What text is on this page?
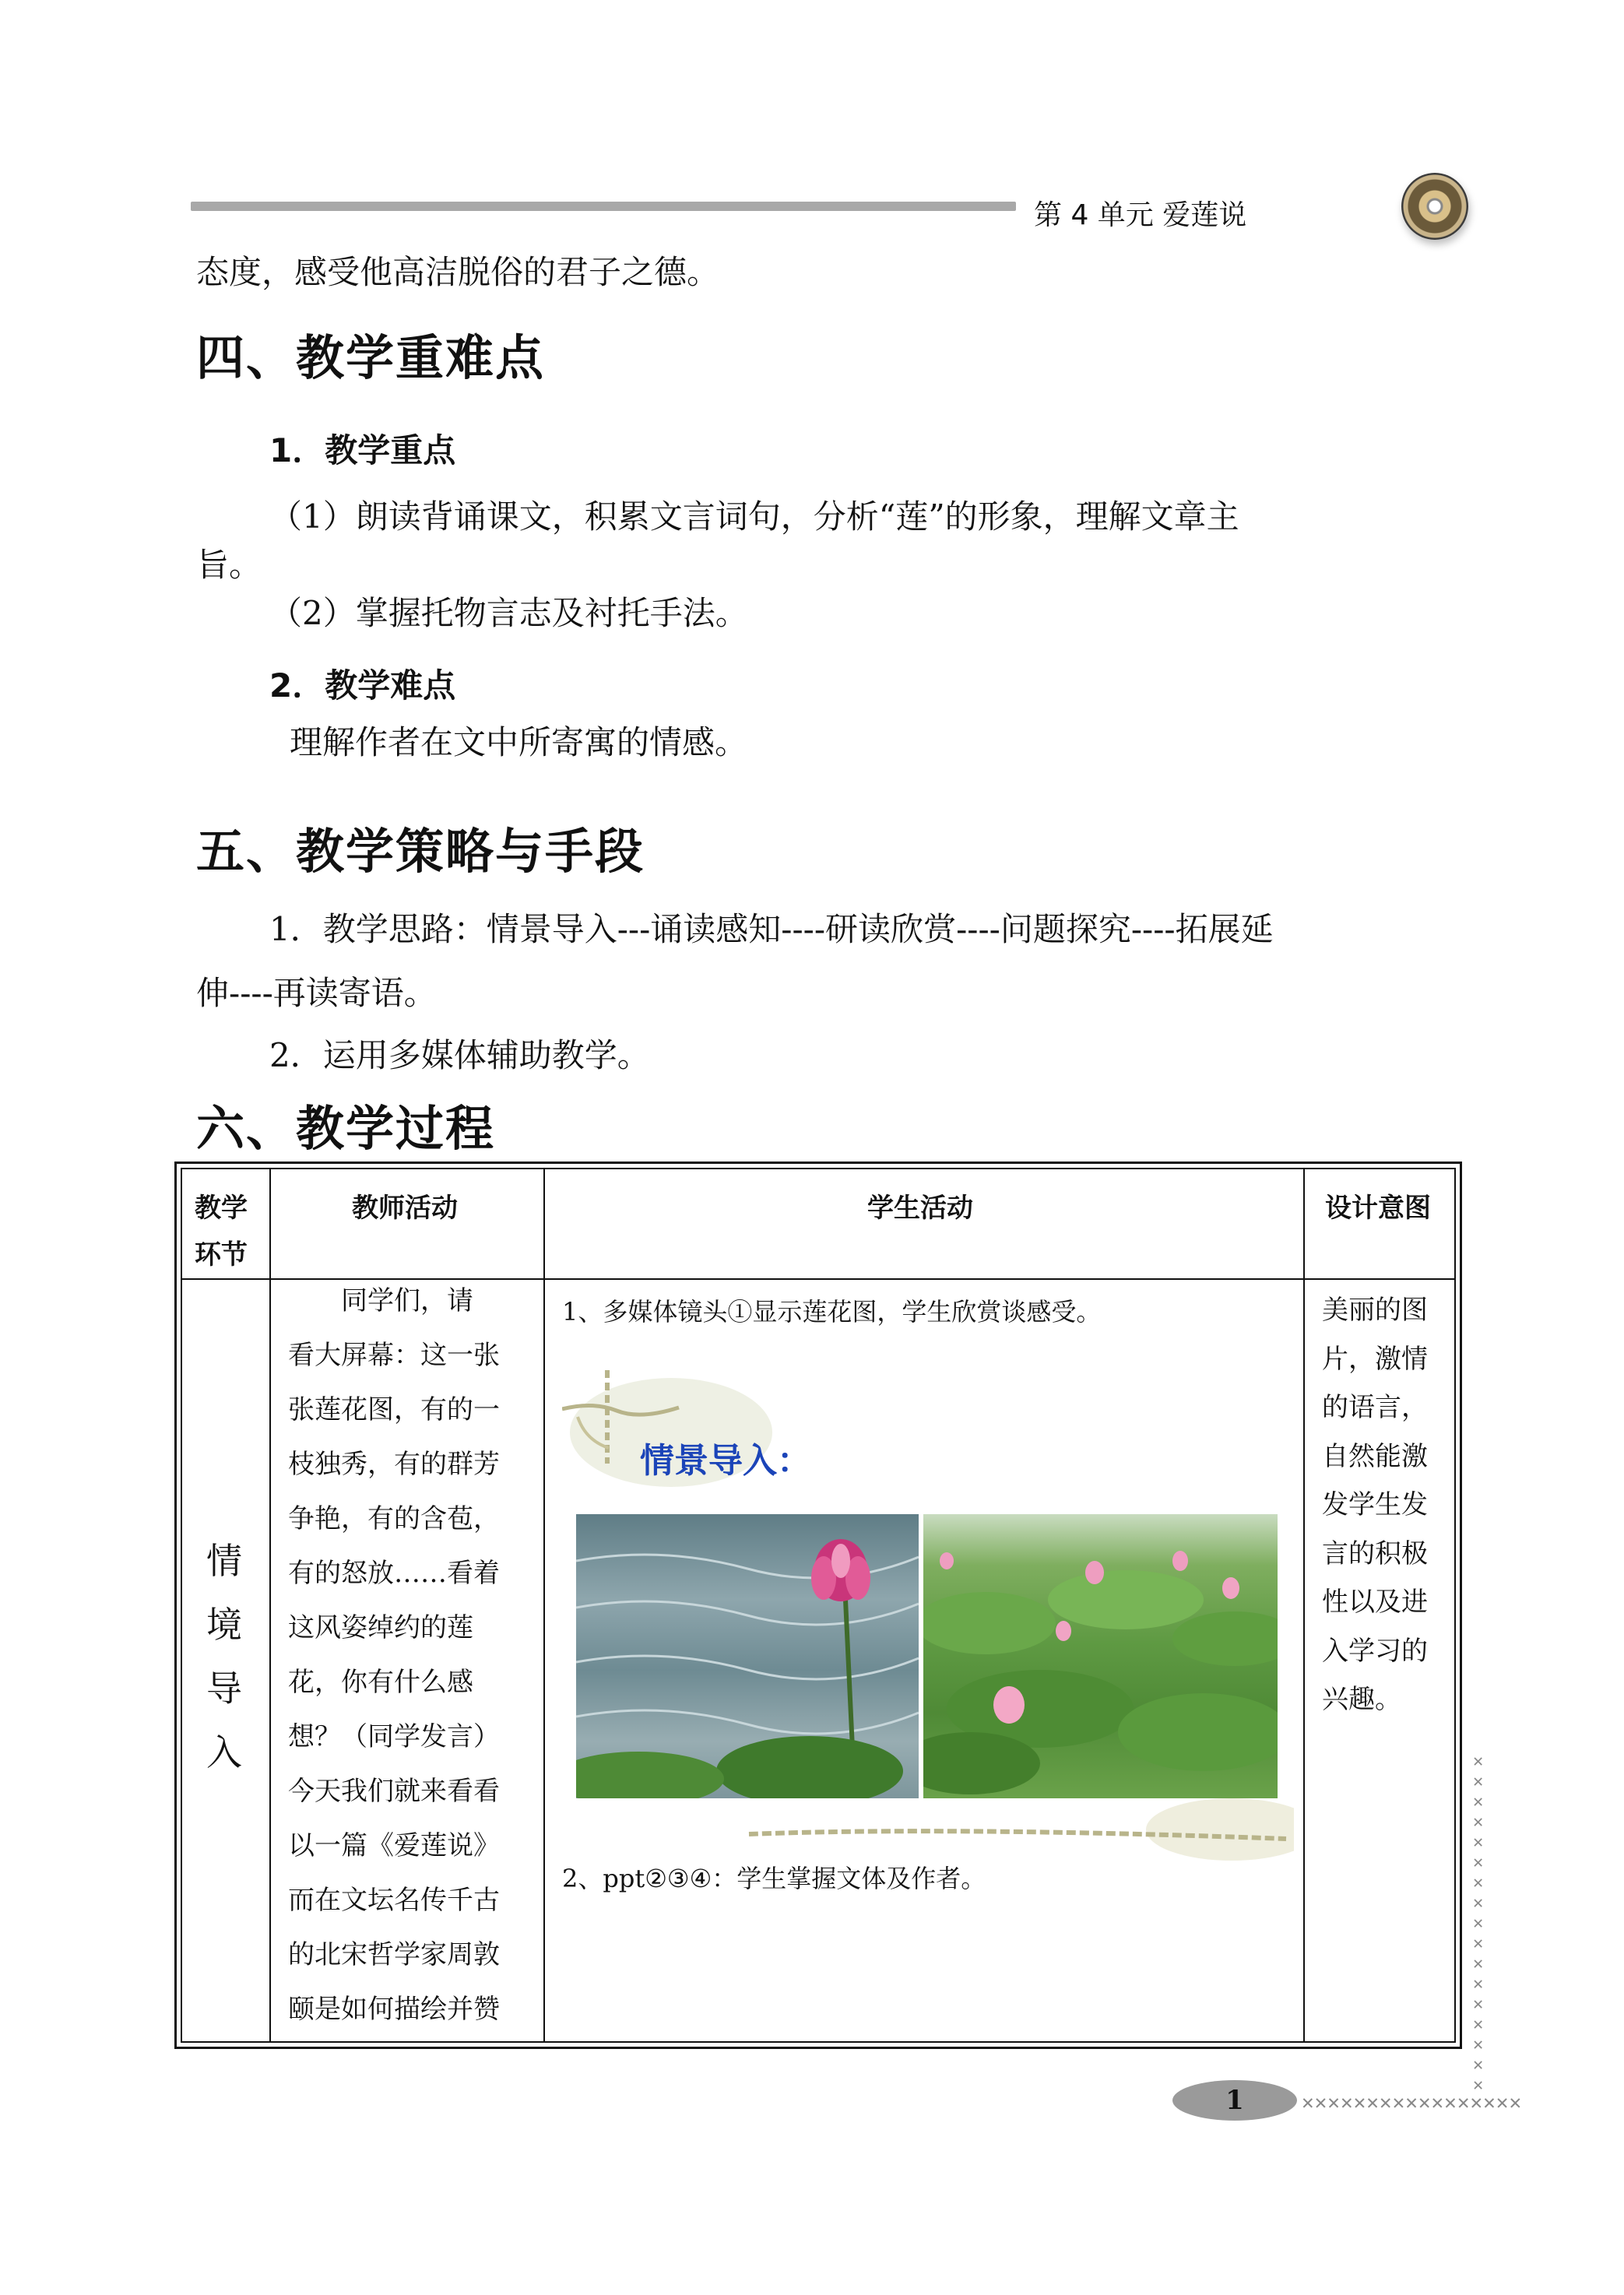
第 4 单元 爱莲说
态度，感受他高洁脱俗的君子之德。
四、教学重难点
1．教学重点
（1）朗读背诵课文，积累文言词句，分析“莲”的形象，理解文章主
旨。
（2）掌握托物言志及衬托手法。
2．教学难点
理解作者在文中所寄寓的情感。
五、教学策略与手段
1．教学思路：情景导入---诵读感知----研读欣赏----问题探究----拓展延
伸----再读寄语。
2．运用多媒体辅助教学。
六、教学过程
教学
环节
教师活动	学生活动	设计意图
情
境
导
入
　　同学们，请
看大屏幕：这一张
张莲花图，有的一
枝独秀，有的群芳
争艳，有的含苞，
有的怒放……看着
这风姿绰约的莲
花，你有什么感
想？（同学发言）
今天我们就来看看
以一篇《爱莲说》
而在文坛名传千古
的北宋哲学家周敦
颐是如何描绘并赞
1、多媒体镜头①显示莲花图，学生欣赏谈感受。
情景导入：
2、ppt②③④：学生掌握文体及作者。
美丽的图
片，激情
的语言，
自然能激
发学生发
言的积极
性以及进
入学习的
兴趣。
✕
✕
✕
✕
✕
✕
✕
✕
✕
✕
✕
✕
✕
✕
✕
✕
✕
✕✕✕✕✕✕✕✕✕✕✕✕✕✕✕✕✕
1
